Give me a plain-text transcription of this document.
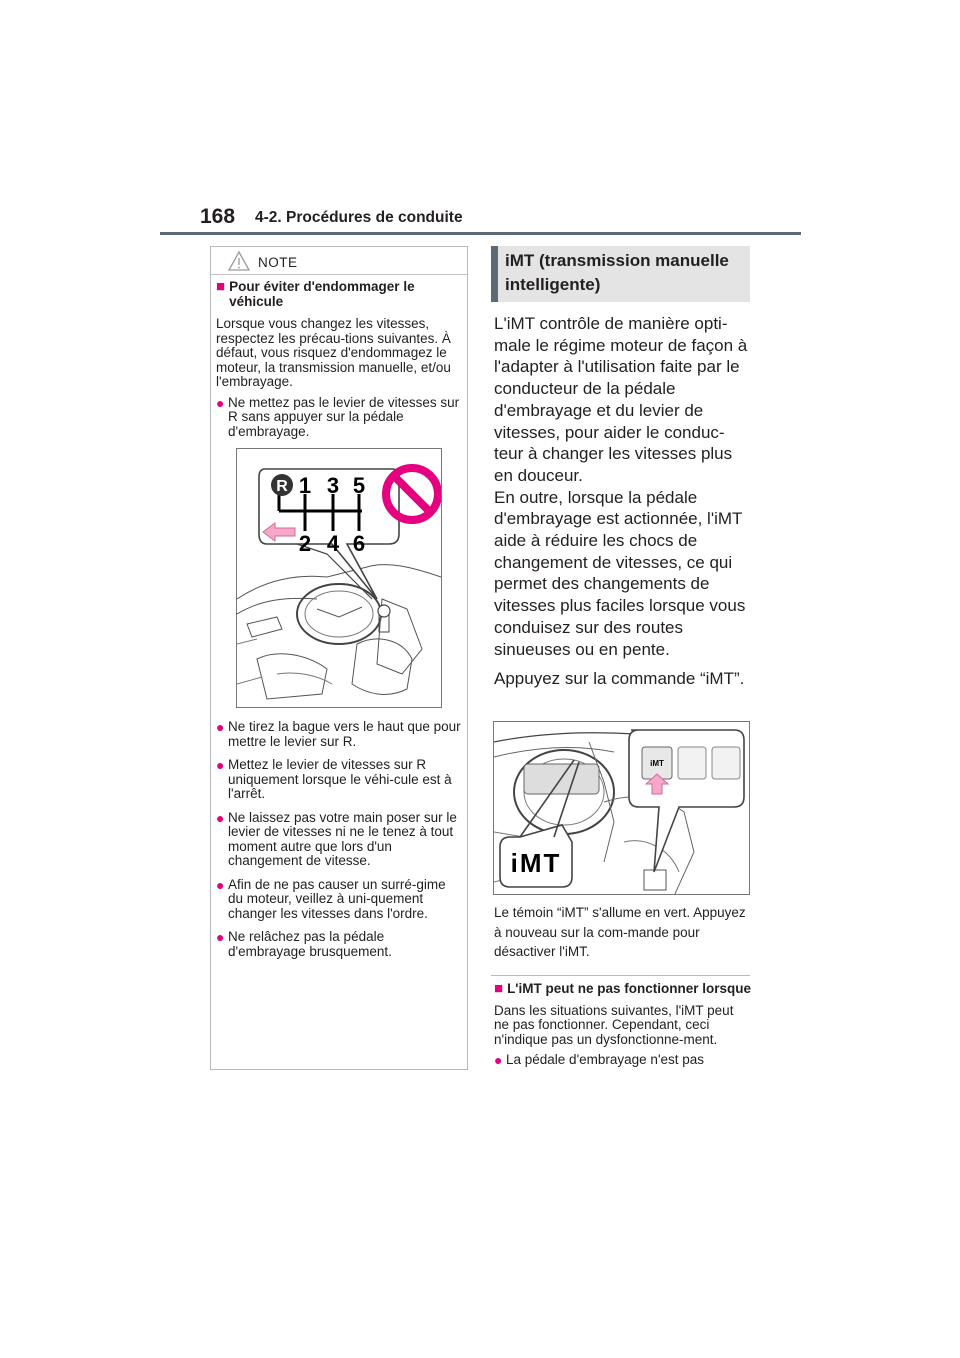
168 4-2. Procédures de conduite
NOTE
■ Pour éviter d'endommager le véhicule

Lorsque vous changez les vitesses, respectez les précau-tions suivantes. À défaut, vous risquez d'endommagez le moteur, la transmission manuelle, et/ou l'embrayage.

● Ne mettez pas le levier de vitesses sur R sans appuyer sur la pédale d'embrayage.
R 1 3 5
2 4 6
● Ne tirez la bague vers le haut que pour mettre le levier sur R.
● Mettez le levier de vitesses sur R uniquement lorsque le véhi-cule est à l'arrêt.
● Ne laissez pas votre main poser sur le levier de vitesses ni ne le tenez à tout moment autre que lors d'un changement de vitesse.
● Afin de ne pas causer un surré-gime du moteur, veillez à uni-quement changer les vitesses dans l'ordre.
● Ne relâchez pas la pédale d'embrayage brusquement.
iMT (transmission manuelle intelligente)

L'iMT contrôle de manière opti-male le régime moteur de façon à l'adapter à l'utilisation faite par le conducteur de la pédale d'embrayage et du levier de vitesses, pour aider le conduc-teur à changer les vitesses plus en douceur.

En outre, lorsque la pédale d'embrayage est actionnée, l'iMT aide à réduire les chocs de changement de vitesses, ce qui permet des changements de vitesses plus faciles lorsque vous conduisez sur des routes sinueuses ou en pente.

Appuyez sur la commande “iMT”.

iMT
iMT
Le témoin “iMT” s'allume en vert. Appuyez à nouveau sur la com-mande pour désactiver l'iMT.
■ L'iMT peut ne pas fonctionner lorsque

Dans les situations suivantes, l'iMT peut ne pas fonctionner. Cependant, ceci n'indique pas un dysfonctionne-ment.

● La pédale d'embrayage n'est pas
